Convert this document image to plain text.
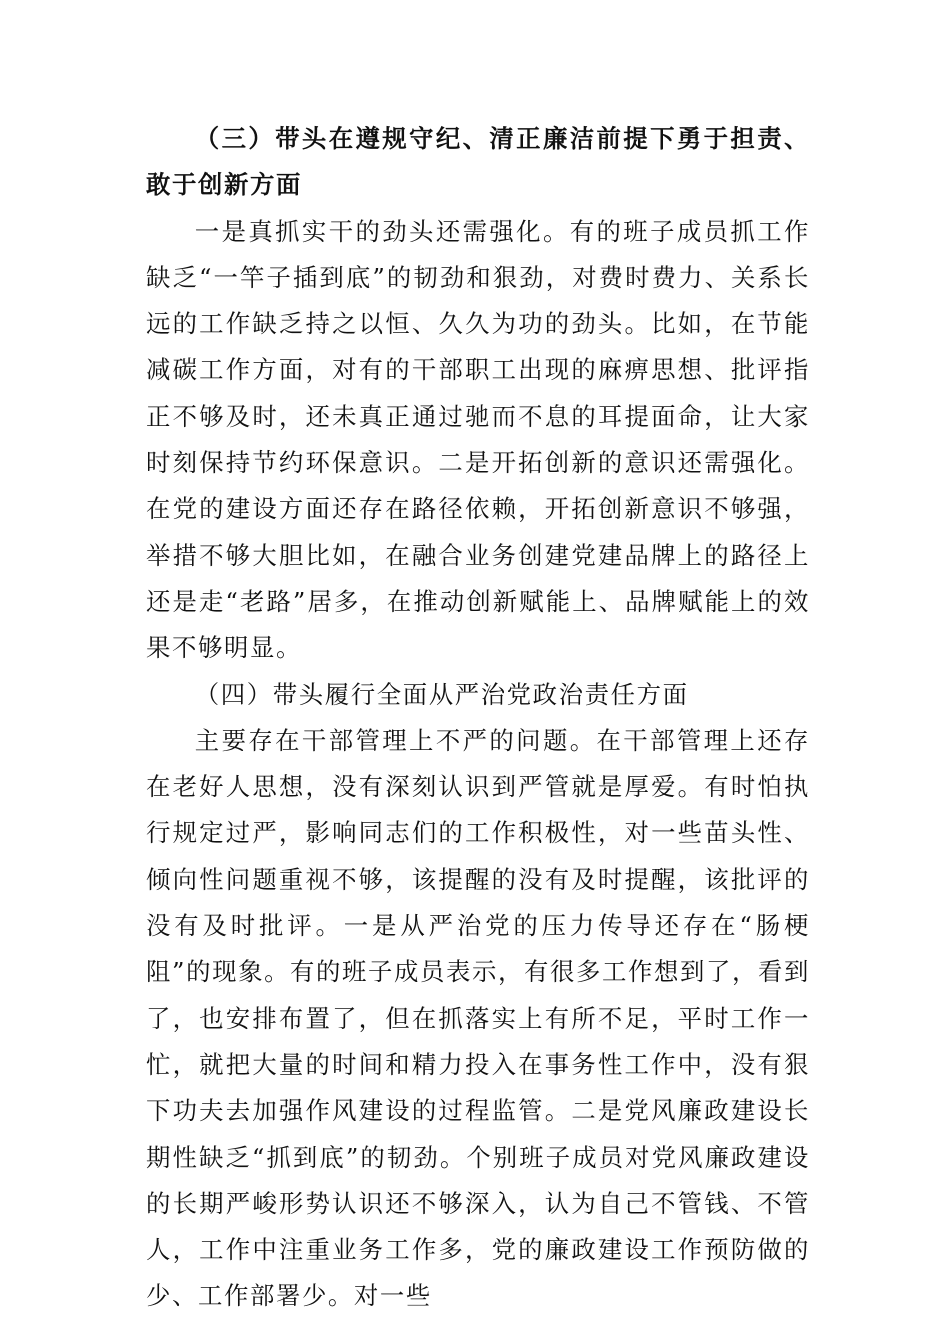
（三）带头在遵规守纪、清正廉洁前提下勇于担责、敢于创新方面

一是真抓实干的劲头还需强化。有的班子成员抓工作缺乏“一竿子插到底”的韧劲和狠劲，对费时费力、关系长远的工作缺乏持之以恒、久久为功的劲头。比如，在节能减碳工作方面，对有的干部职工出现的麻痹思想、批评指正不够及时，还未真正通过驰而不息的耳提面命，让大家时刻保持节约环保意识。二是开拓创新的意识还需强化。在党的建设方面还存在路径依赖，开拓创新意识不够强，举措不够大胆比如，在融合业务创建党建品牌上的路径上还是走“老路”居多，在推动创新赋能上、品牌赋能上的效果不够明显。

（四）带头履行全面从严治党政治责任方面

主要存在干部管理上不严的问题。在干部管理上还存在老好人思想，没有深刻认识到严管就是厚爱。有时怕执行规定过严，影响同志们的工作积极性，对一些苗头性、倾向性问题重视不够，该提醒的没有及时提醒，该批评的没有及时批评。一是从严治党的压力传导还存在“肠梗阻”的现象。有的班子成员表示，有很多工作想到了，看到了，也安排布置了，但在抓落实上有所不足，平时工作一忙，就把大量的时间和精力投入在事务性工作中，没有狠下功夫去加强作风建设的过程监管。二是党风廉政建设长期性缺乏“抓到底”的韧劲。个别班子成员对党风廉政建设的长期严峻形势认识还不够深入，认为自己不管钱、不管人，工作中注重业务工作多，党的廉政建设工作预防做的少、工作部署少。对一些
